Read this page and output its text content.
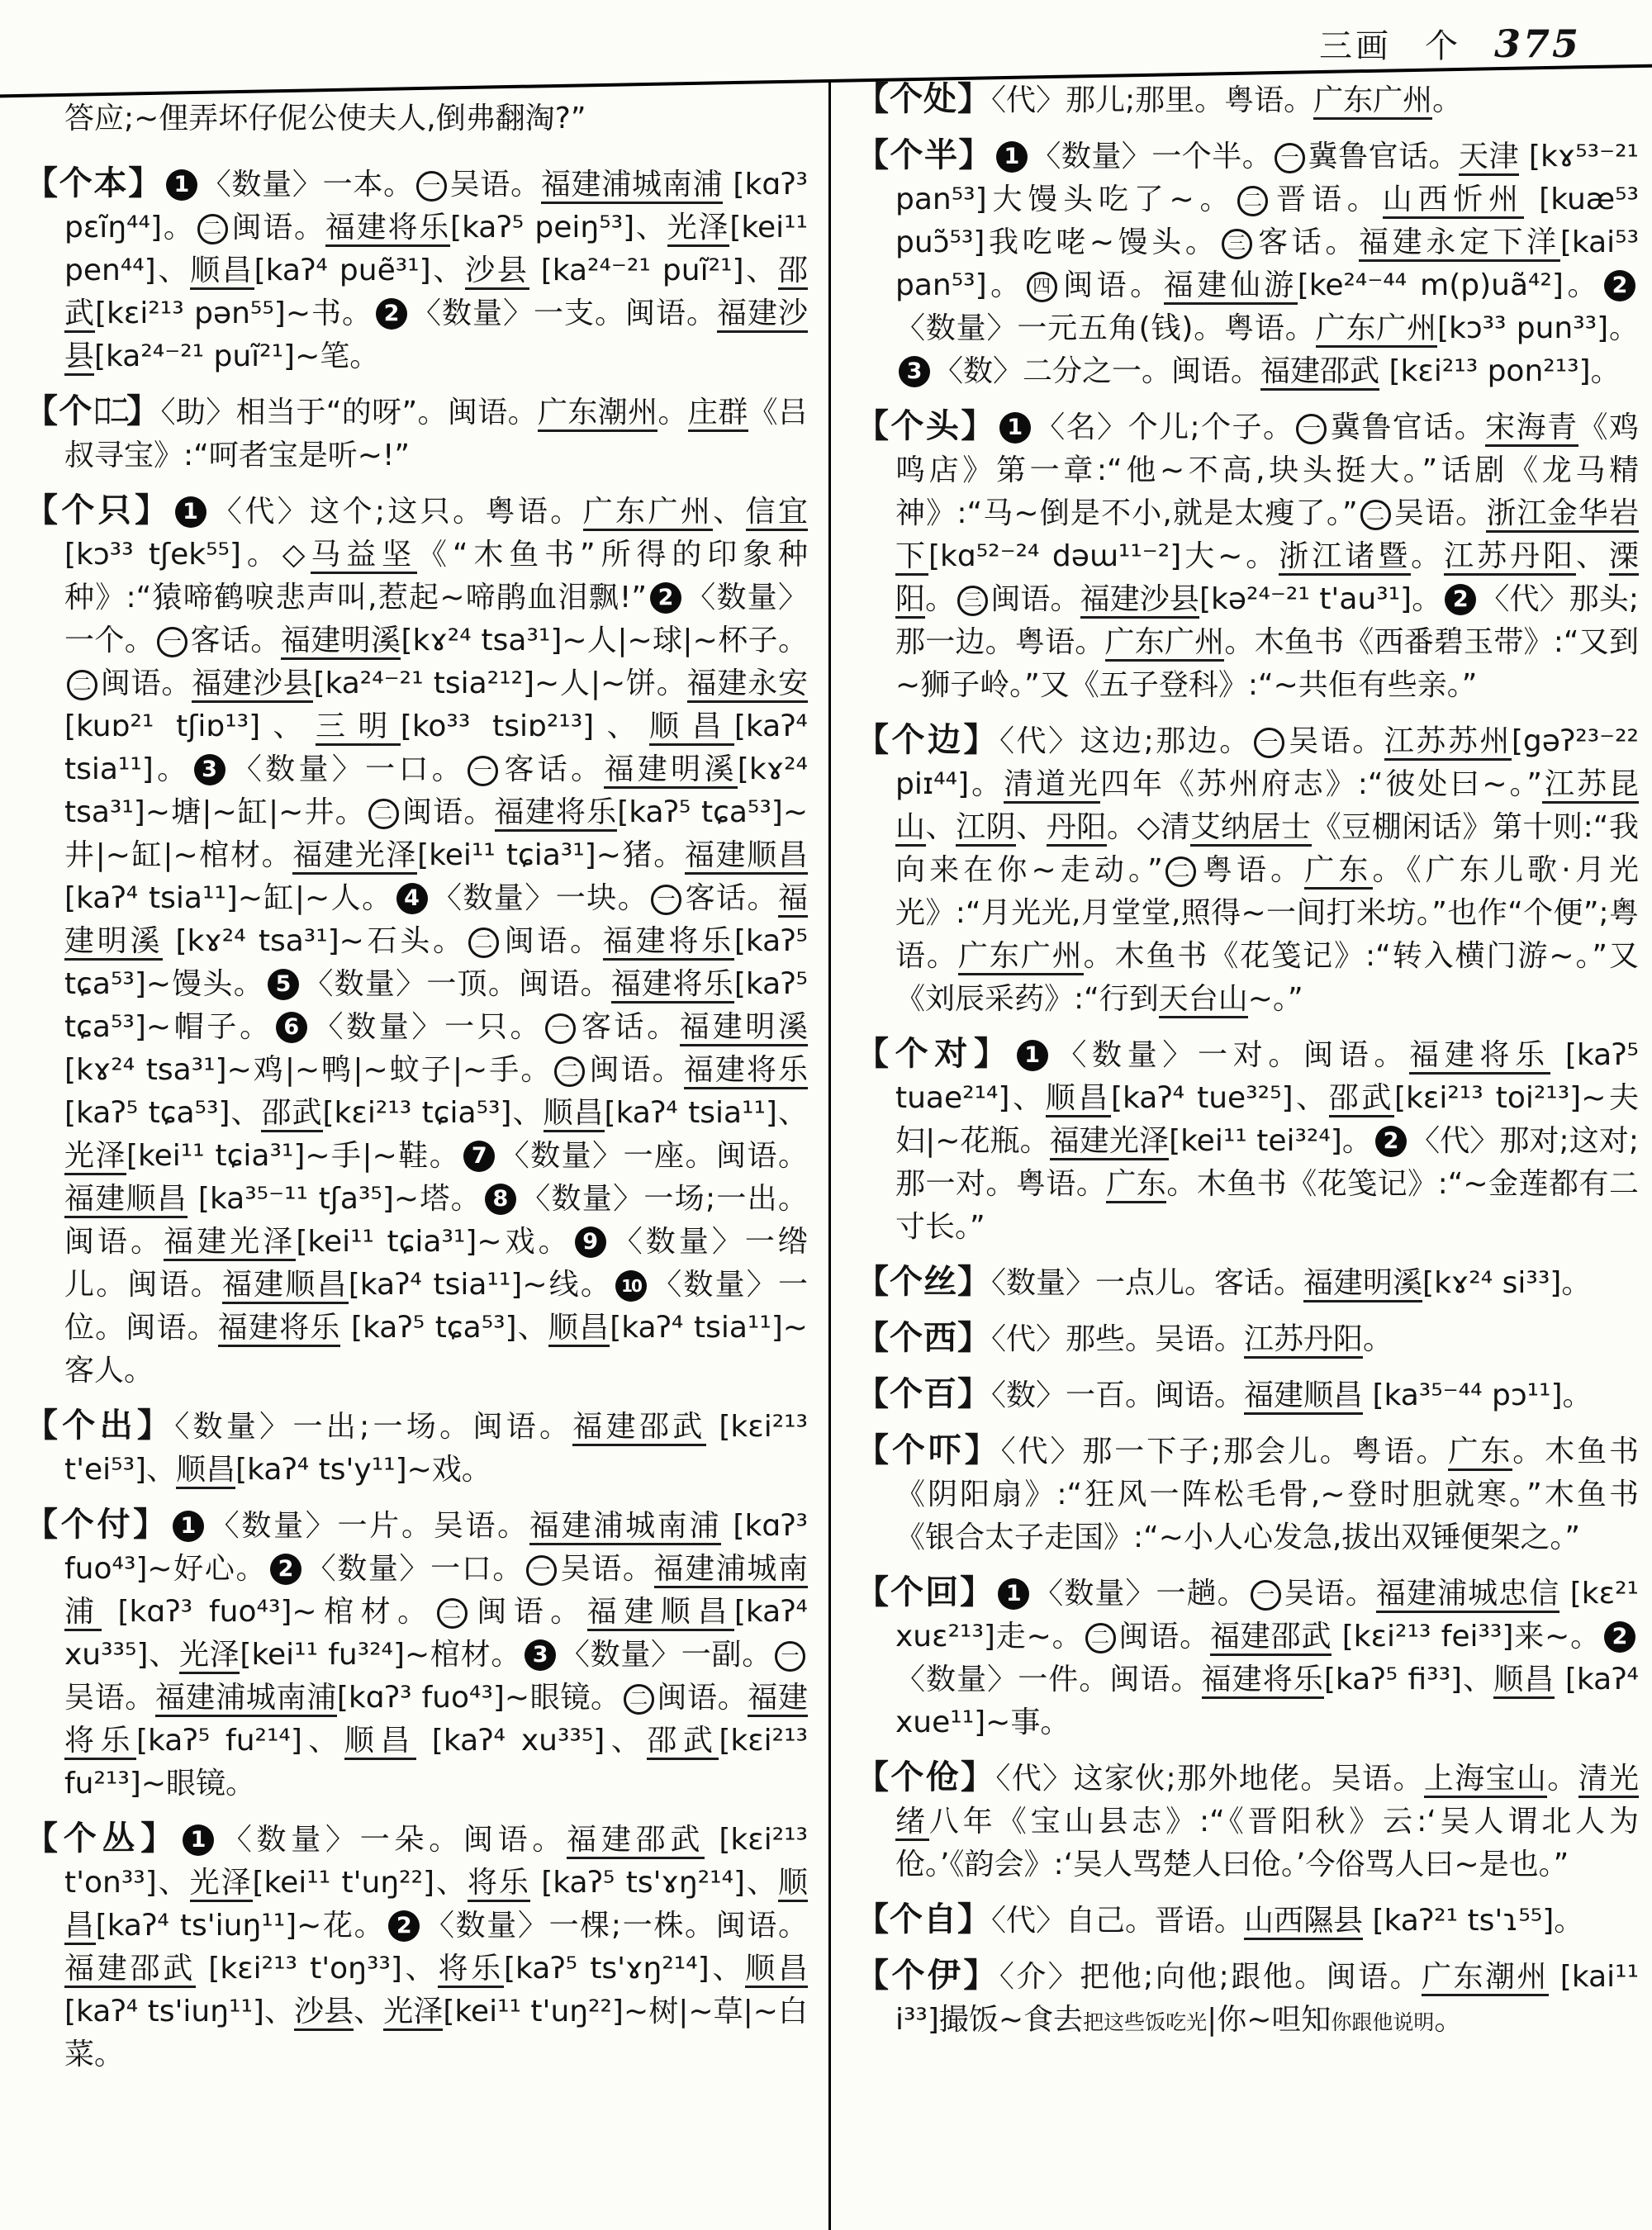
三画 个 375

答应;~俚弄坏仔伲公使夫人,倒弗翻淘?”

【个本】 1 〈数量〉一本。 一 吴语。福建浦城南浦 [kɑʔ³ pɛĩŋ⁴⁴]。 二 闽语。福建将乐[kaʔ⁵ peiŋ⁵³]、光泽[kei¹¹ pen⁴⁴]、顺昌[kaʔ⁴ puẽ³¹]、沙县 [ka²⁴⁻²¹ puĩ²¹]、邵武[kɛi²¹³ pən⁵⁵]~书。 2 〈数量〉一支。闽语。福建沙县[ka²⁴⁻²¹ puĩ²¹]~笔。

【个口二】〈助〉相当于“的呀”。闽语。广东潮州。庄群《吕叔寻宝》:“呵者宝是听~!”

【个只】 1 〈代〉这个;这只。粤语。广东广州、信宜[kɔ³³ tʃek⁵⁵]。◇马益坚《“木鱼书”所得的印象种种》:“猿啼鹤唳悲声叫,惹起~啼鹃血泪飘!” 2 〈数量〉一个。 一 客话。福建明溪[kɤ²⁴ tsa³¹]~人|~球|~杯子。二 闽语。福建沙县[ka²⁴⁻²¹ tsia²¹²]~人|~饼。福建永安[kuɒ²¹ tʃiɒ¹³]、三明[ko³³ tsiɒ²¹³]、顺昌[kaʔ⁴ tsia¹¹]。 3 〈数量〉一口。 一 客话。福建明溪[kɤ²⁴ tsa³¹]~塘|~缸|~井。 二 闽语。福建将乐[kaʔ⁵ tɕa⁵³]~井|~缸|~棺材。福建光泽[kei¹¹ tɕia³¹]~猪。福建顺昌 [kaʔ⁴ tsia¹¹]~缸|~人。 4 〈数量〉一块。 一 客话。福建明溪 [kɤ²⁴ tsa³¹]~石头。 二 闽语。福建将乐[kaʔ⁵ tɕa⁵³]~馒头。 5 〈数量〉一顶。闽语。福建将乐[kaʔ⁵ tɕa⁵³]~帽子。 6 〈数量〉一只。 一 客话。福建明溪[kɤ²⁴ tsa³¹]~鸡|~鸭|~蚊子|~手。 二 闽语。福建将乐[kaʔ⁵ tɕa⁵³]、邵武[kɛi²¹³ tɕia⁵³]、顺昌[kaʔ⁴ tsia¹¹]、光泽[kei¹¹ tɕia³¹]~手|~鞋。 7 〈数量〉一座。闽语。福建顺昌 [ka³⁵⁻¹¹ tʃa³⁵]~塔。 8 〈数量〉一场;一出。闽语。福建光泽[kei¹¹ tɕia³¹]~戏。 9 〈数量〉一绺儿。闽语。福建顺昌[kaʔ⁴ tsia¹¹]~线。 10 〈数量〉一位。闽语。福建将乐 [kaʔ⁵ tɕa⁵³]、顺昌[kaʔ⁴ tsia¹¹]~客人。

【个出】〈数量〉一出;一场。闽语。福建邵武 [kɛi²¹³ t'ei⁵³]、顺昌[kaʔ⁴ ts'y¹¹]~戏。

【个付】 1 〈数量〉一片。吴语。福建浦城南浦 [kɑʔ³ fuo⁴³]~好心。 2 〈数量〉一口。 一 吴语。福建浦城南浦 [kɑʔ³ fuo⁴³]~棺材。 二 闽语。福建顺昌[kaʔ⁴ xu³³⁵]、光泽[kei¹¹ fu³²⁴]~棺材。 3 〈数量〉一副。 一吴语。福建浦城南浦[kɑʔ³ fuo⁴³]~眼镜。 二 闽语。福建将乐[kaʔ⁵ fu²¹⁴]、顺昌 [kaʔ⁴ xu³³⁵]、邵武[kɛi²¹³ fu²¹³]~眼镜。

【个丛】 1 〈数量〉一朵。闽语。福建邵武 [kɛi²¹³ t'on³³]、光泽[kei¹¹ t'uŋ²²]、将乐 [kaʔ⁵ ts'ɤŋ²¹⁴]、顺昌[kaʔ⁴ ts'iuŋ¹¹]~花。 2 〈数量〉一棵;一株。闽语。福建邵武 [kɛi²¹³ t'oŋ³³]、将乐[kaʔ⁵ ts'ɤŋ²¹⁴]、顺昌[kaʔ⁴ ts'iuŋ¹¹]、沙县、光泽[kei¹¹ t'uŋ²²]~树|~草|~白菜。

【个处】〈代〉那儿;那里。粤语。广东广州。

【个半】 1 〈数量〉一个半。 一 冀鲁官话。天津 [kɤ⁵³⁻²¹ pan⁵³]大馒头吃了~。 二 晋语。山西忻州 [kuæ⁵³ puɔ̃⁵³]我吃咾~馒头。 三 客话。福建永定下洋[kai⁵³ pan⁵³]。 四 闽语。福建仙游[ke²⁴⁻⁴⁴ m(p)uã⁴²]。 2〈数量〉一元五角(钱)。粤语。广东广州[kɔ³³ pun³³]。3 〈数〉二分之一。闽语。福建邵武 [kɛi²¹³ pon²¹³]。

【个头】 1 〈名〉个儿;个子。 一 冀鲁官话。宋海青《鸡鸣店》第一章:“他~不高,块头挺大。”话剧《龙马精神》:“马~倒是不小,就是太瘦了。” 二 吴语。浙江金华岩下[kɑ⁵²⁻²⁴ dəɯ¹¹⁻²]大~。浙江诸暨。江苏丹阳、溧阳。 三 闽语。福建沙县[kə²⁴⁻²¹ t'au³¹]。 2 〈代〉那头;那一边。粤语。广东广州。木鱼书《西番碧玉带》:“又到~狮子岭。”又《五子登科》:“~共佢有些亲。”

【个边】〈代〉这边;那边。 一 吴语。江苏苏州[gəʔ²³⁻²² piɪ⁴⁴]。清道光四年《苏州府志》:“彼处曰~。”江苏昆山、江阴、丹阳。◇清艾纳居士《豆棚闲话》第十则:“我向来在你~走动。” 二 粤语。广东。《广东儿歌·月光光》:“月光光,月堂堂,照得~一间打米坊。”也作“个便”;粤语。广东广州。木鱼书《花笺记》:“转入横门游~。”又《刘辰采药》:“行到天台山~。”

【个对】 1 〈数量〉一对。闽语。福建将乐 [kaʔ⁵ tuae²¹⁴]、顺昌[kaʔ⁴ tue³²⁵]、邵武[kɛi²¹³ toi²¹³]~夫妇|~花瓶。福建光泽[kei¹¹ tei³²⁴]。 2 〈代〉那对;这对;那一对。粤语。广东。木鱼书《花笺记》:“~金莲都有二寸长。”

【个丝】〈数量〉一点儿。客话。福建明溪[kɤ²⁴ si³³]。

【个西】〈代〉那些。吴语。江苏丹阳。

【个百】〈数〉一百。闽语。福建顺昌 [ka³⁵⁻⁴⁴ pɔ¹¹]。

【个吓】〈代〉那一下子;那会儿。粤语。广东。木鱼书《阴阳扇》:“狂风一阵松毛骨,~登时胆就寒。”木鱼书《银合太子走国》:“~小人心发急,拔出双锤便架之。”

【个回】 1 〈数量〉一趟。 一 吴语。福建浦城忠信 [kɛ²¹ xuɛ²¹³]走~。 二 闽语。福建邵武 [kɛi²¹³ fei³³]来~。 2〈数量〉一件。闽语。福建将乐[kaʔ⁵ fi³³]、顺昌 [kaʔ⁴ xue¹¹]~事。

【个伧】〈代〉这家伙;那外地佬。吴语。上海宝山。清光绪八年《宝山县志》:“《晋阳秋》云:‘吴人谓北人为伧。’《韵会》:‘吴人骂楚人曰伧。’今俗骂人曰~是也。”

【个自】〈代〉自己。晋语。山西隰县 [kaʔ²¹ ts'ɿ⁵⁵]。

【个伊】〈介〉把他;向他;跟他。闽语。广东潮州 [kai¹¹ i³³]撮饭~食去把这些饭吃光|你~呾知你跟他说明。
